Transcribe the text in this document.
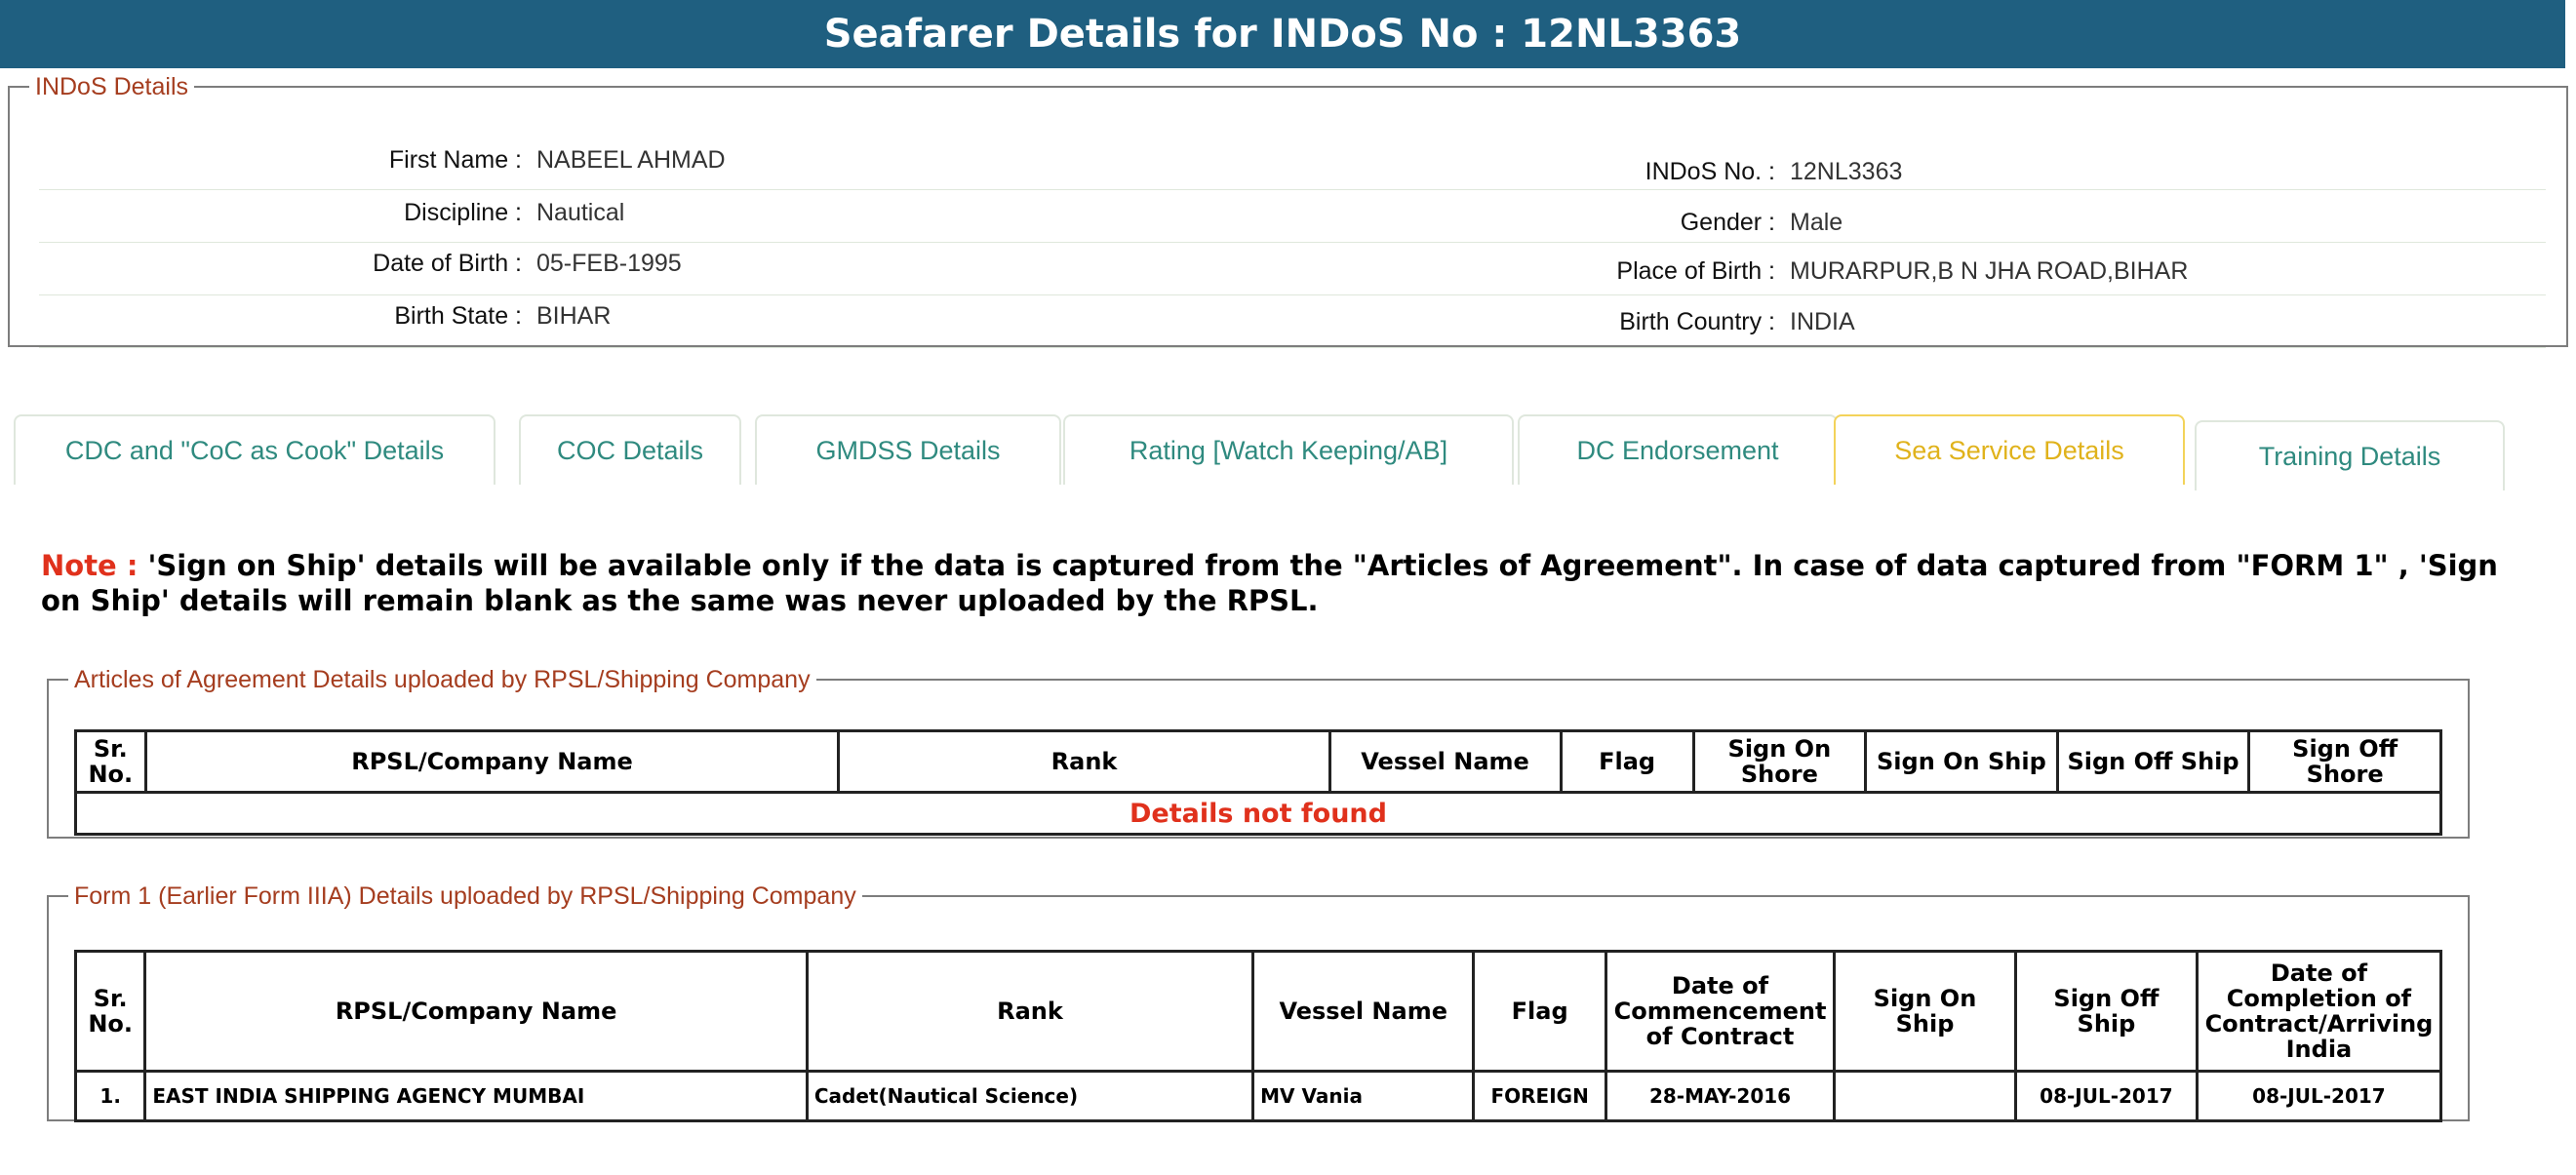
Seafarer Details for INDoS No : 12NL3363
INDoS Details
First Name : NABEEL AHMAD	INDoS No. : 12NL3363
Discipline : Nautical	Gender : Male
Date of Birth : 05-FEB-1995	Place of Birth : MURARPUR,B N JHA ROAD,BIHAR
Birth State : BIHAR	Birth Country : INDIA
CDC and "CoC as Cook" Details	COC Details	GMDSS Details	Rating [Watch Keeping/AB]	DC Endorsement	Sea Service Details	Training Details
Note : 'Sign on Ship' details will be available only if the data is captured from the "Articles of Agreement". In case of data captured from "FORM 1" , 'Sign on Ship' details will remain blank as the same was never uploaded by the RPSL.
Articles of Agreement Details uploaded by RPSL/Shipping Company
Sr. No.	RPSL/Company Name	Rank	Vessel Name	Flag	Sign On Shore	Sign On Ship	Sign Off Ship	Sign Off Shore
Details not found
Form 1 (Earlier Form IIIA) Details uploaded by RPSL/Shipping Company
Sr. No.	RPSL/Company Name	Rank	Vessel Name	Flag	Date of Commencement of Contract	Sign On Ship	Sign Off Ship	Date of Completion of Contract/Arriving India
1.	EAST INDIA SHIPPING AGENCY MUMBAI	Cadet(Nautical Science)	MV Vania	FOREIGN	28-MAY-2016		08-JUL-2017	08-JUL-2017
